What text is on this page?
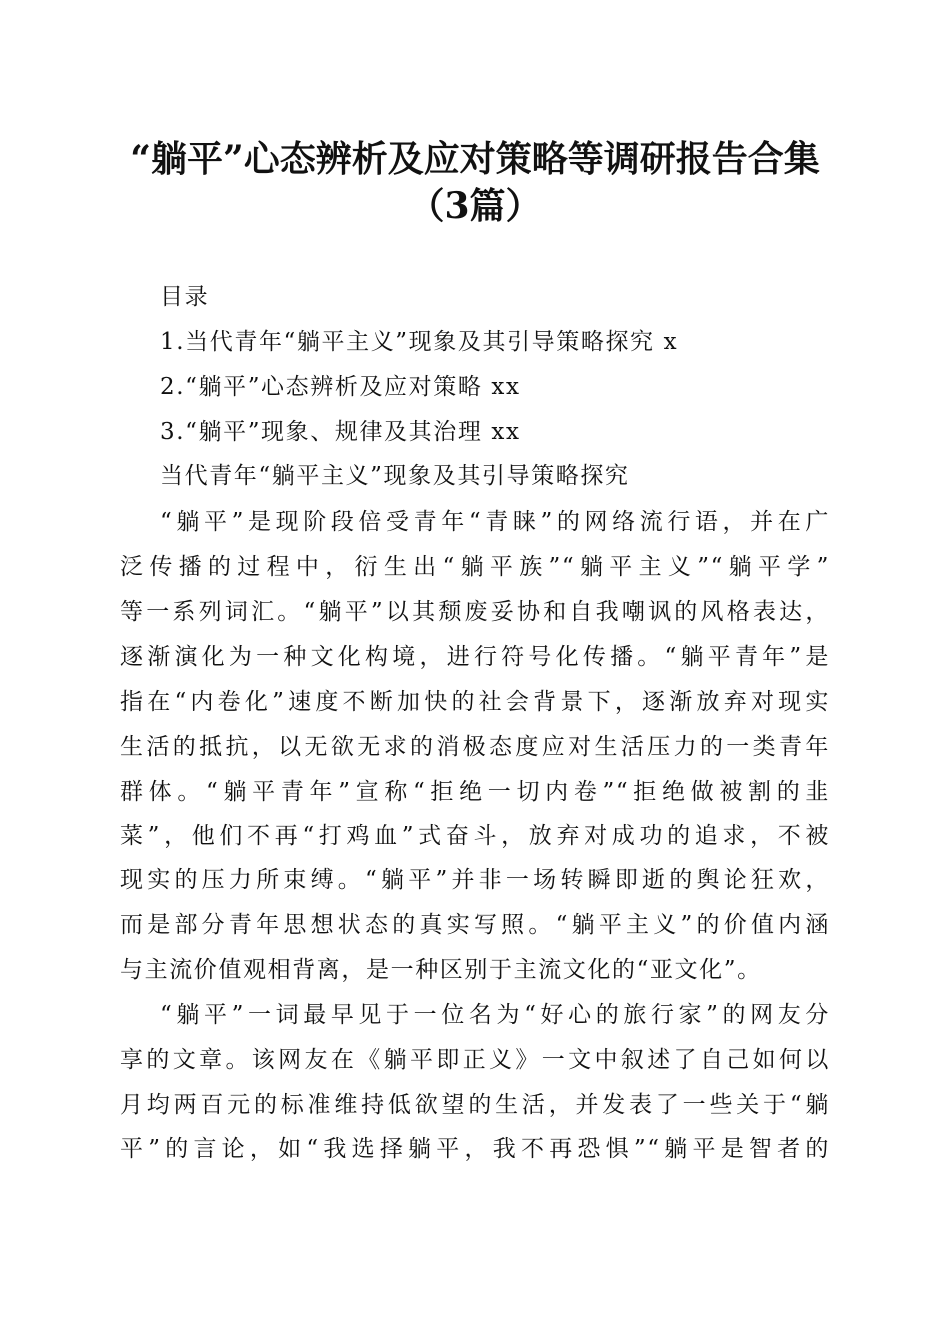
“躺平”心态辨析及应对策略等调研报告合集
（3篇）
目录
1.当代青年“躺平主义”现象及其引导策略探究 x
2.“躺平”心态辨析及应对策略 xx
3.“躺平”现象、规律及其治理 xx
当代青年“躺平主义”现象及其引导策略探究
“躺平”是现阶段倍受青年“青睐”的网络流行语，并在广
泛传播的过程中，衍生出“躺平族”“躺平主义”“躺平学”
等一系列词汇。“躺平”以其颓废妥协和自我嘲讽的风格表达，
逐渐演化为一种文化构境，进行符号化传播。“躺平青年”是
指在“内卷化”速度不断加快的社会背景下，逐渐放弃对现实
生活的抵抗，以无欲无求的消极态度应对生活压力的一类青年
群体。“躺平青年”宣称“拒绝一切内卷”“拒绝做被割的韭
菜”，他们不再“打鸡血”式奋斗，放弃对成功的追求，不被
现实的压力所束缚。“躺平”并非一场转瞬即逝的舆论狂欢，
而是部分青年思想状态的真实写照。“躺平主义”的价值内涵
与主流价值观相背离，是一种区别于主流文化的“亚文化”。
“躺平”一词最早见于一位名为“好心的旅行家”的网友分
享的文章。该网友在《躺平即正义》一文中叙述了自己如何以
月均两百元的标准维持低欲望的生活，并发表了一些关于“躺
平”的言论，如“我选择躺平，我不再恐惧”“躺平是智者的
